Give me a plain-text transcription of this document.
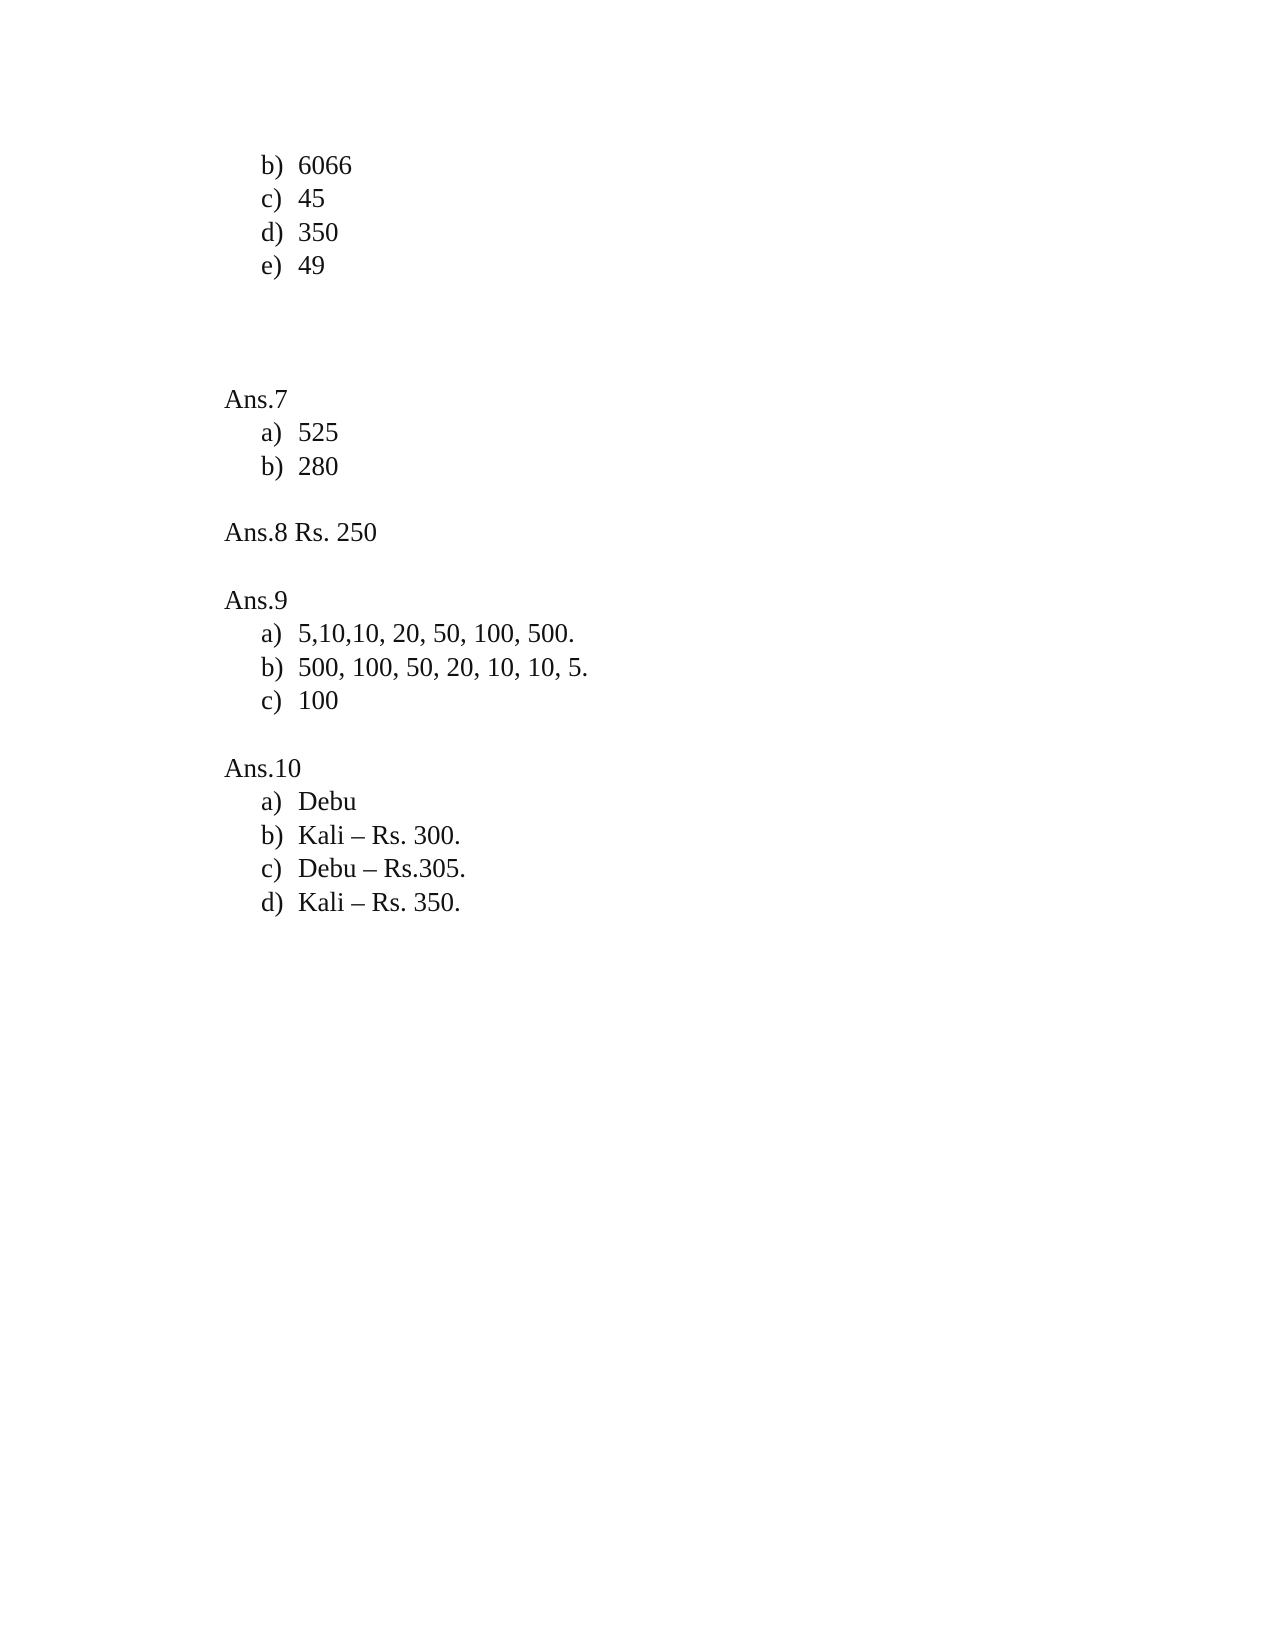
b) 6066
c) 45
d) 350
e) 49
Ans.7
a) 525
b) 280
Ans.8 Rs. 250
Ans.9
a) 5,10,10, 20, 50, 100, 500.
b) 500, 100, 50, 20, 10, 10, 5.
c) 100
Ans.10
a) Debu
b) Kali – Rs. 300.
c) Debu – Rs.305.
d) Kali – Rs. 350.
